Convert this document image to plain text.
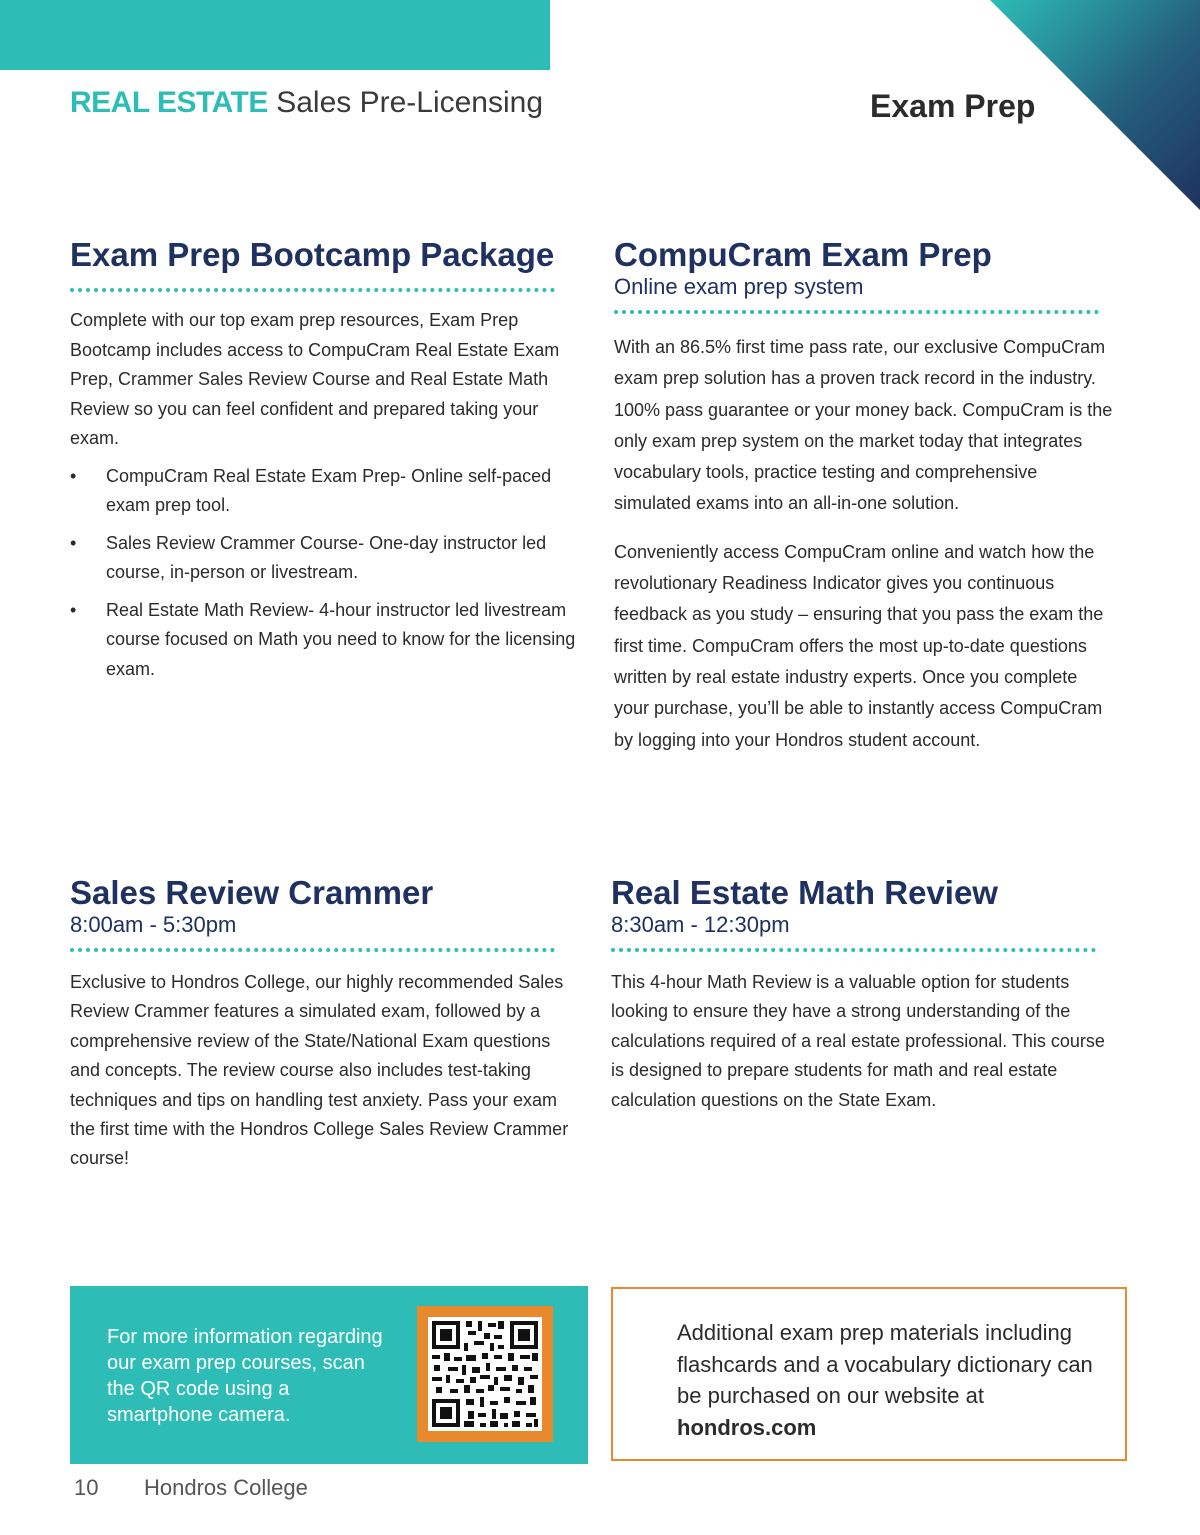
REAL ESTATE Sales Pre-Licensing	Exam Prep
Exam Prep Bootcamp Package

Complete with our top exam prep resources, Exam Prep Bootcamp includes access to CompuCram Real Estate Exam Prep, Crammer Sales Review Course and Real Estate Math Review so you can feel confident and prepared taking your exam.

• CompuCram Real Estate Exam Prep- Online self-paced exam prep tool.
• Sales Review Crammer Course- One-day instructor led course, in-person or livestream.
• Real Estate Math Review- 4-hour instructor led livestream course focused on Math you need to know for the licensing exam.
CompuCram Exam Prep
Online exam prep system

With an 86.5% first time pass rate, our exclusive CompuCram exam prep solution has a proven track record in the industry. 100% pass guarantee or your money back. CompuCram is the only exam prep system on the market today that integrates vocabulary tools, practice testing and comprehensive simulated exams into an all-in-one solution.

Conveniently access CompuCram online and watch how the revolutionary Readiness Indicator gives you continuous feedback as you study – ensuring that you pass the exam the first time. CompuCram offers the most up-to-date questions written by real estate industry experts. Once you complete your purchase, you’ll be able to instantly access CompuCram by logging into your Hondros student account.

Sales Review Crammer
8:00am - 5:30pm

Exclusive to Hondros College, our highly recommended Sales Review Crammer features a simulated exam, followed by a comprehensive review of the State/National Exam questions and concepts. The review course also includes test-taking techniques and tips on handling test anxiety. Pass your exam the first time with the Hondros College Sales Review Crammer course!

Real Estate Math Review
8:30am - 12:30pm

This 4-hour Math Review is a valuable option for students looking to ensure they have a strong understanding of the calculations required of a real estate professional. This course is designed to prepare students for math and real estate calculation questions on the State Exam.

For more information regarding our exam prep courses, scan the QR code using a smartphone camera.
Additional exam prep materials including flashcards and a vocabulary dictionary can be purchased on our website at hondros.com
10 Hondros College
